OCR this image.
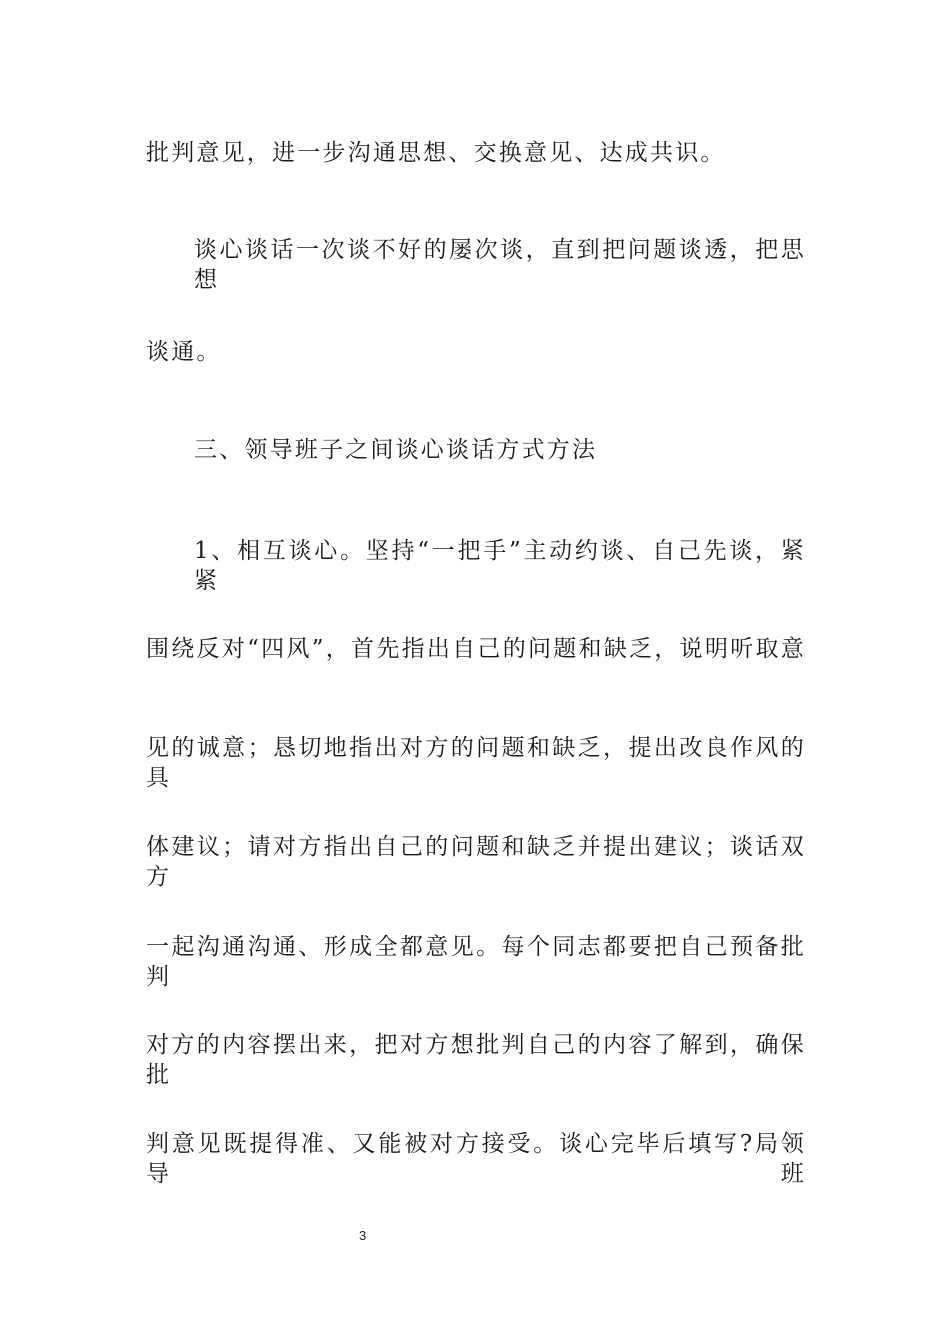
批判意见，进一步沟通思想、交换意见、达成共识。
谈心谈话一次谈不好的屡次谈，直到把问题谈透，把思想
谈通。
三、领导班子之间谈心谈话方式方法
1、相互谈心。坚持“一把手”主动约谈、自己先谈，紧紧
围绕反对“四风”，首先指出自己的问题和缺乏，说明听取意
见的诚意；恳切地指出对方的问题和缺乏，提出改良作风的具
体建议；请对方指出自己的问题和缺乏并提出建议；谈话双方
一起沟通沟通、形成全都意见。每个同志都要把自己预备批判
对方的内容摆出来，把对方想批判自己的内容了解到，确保批
判意见既提得准、又能被对方接受。谈心完毕后填写?局领导班
3
